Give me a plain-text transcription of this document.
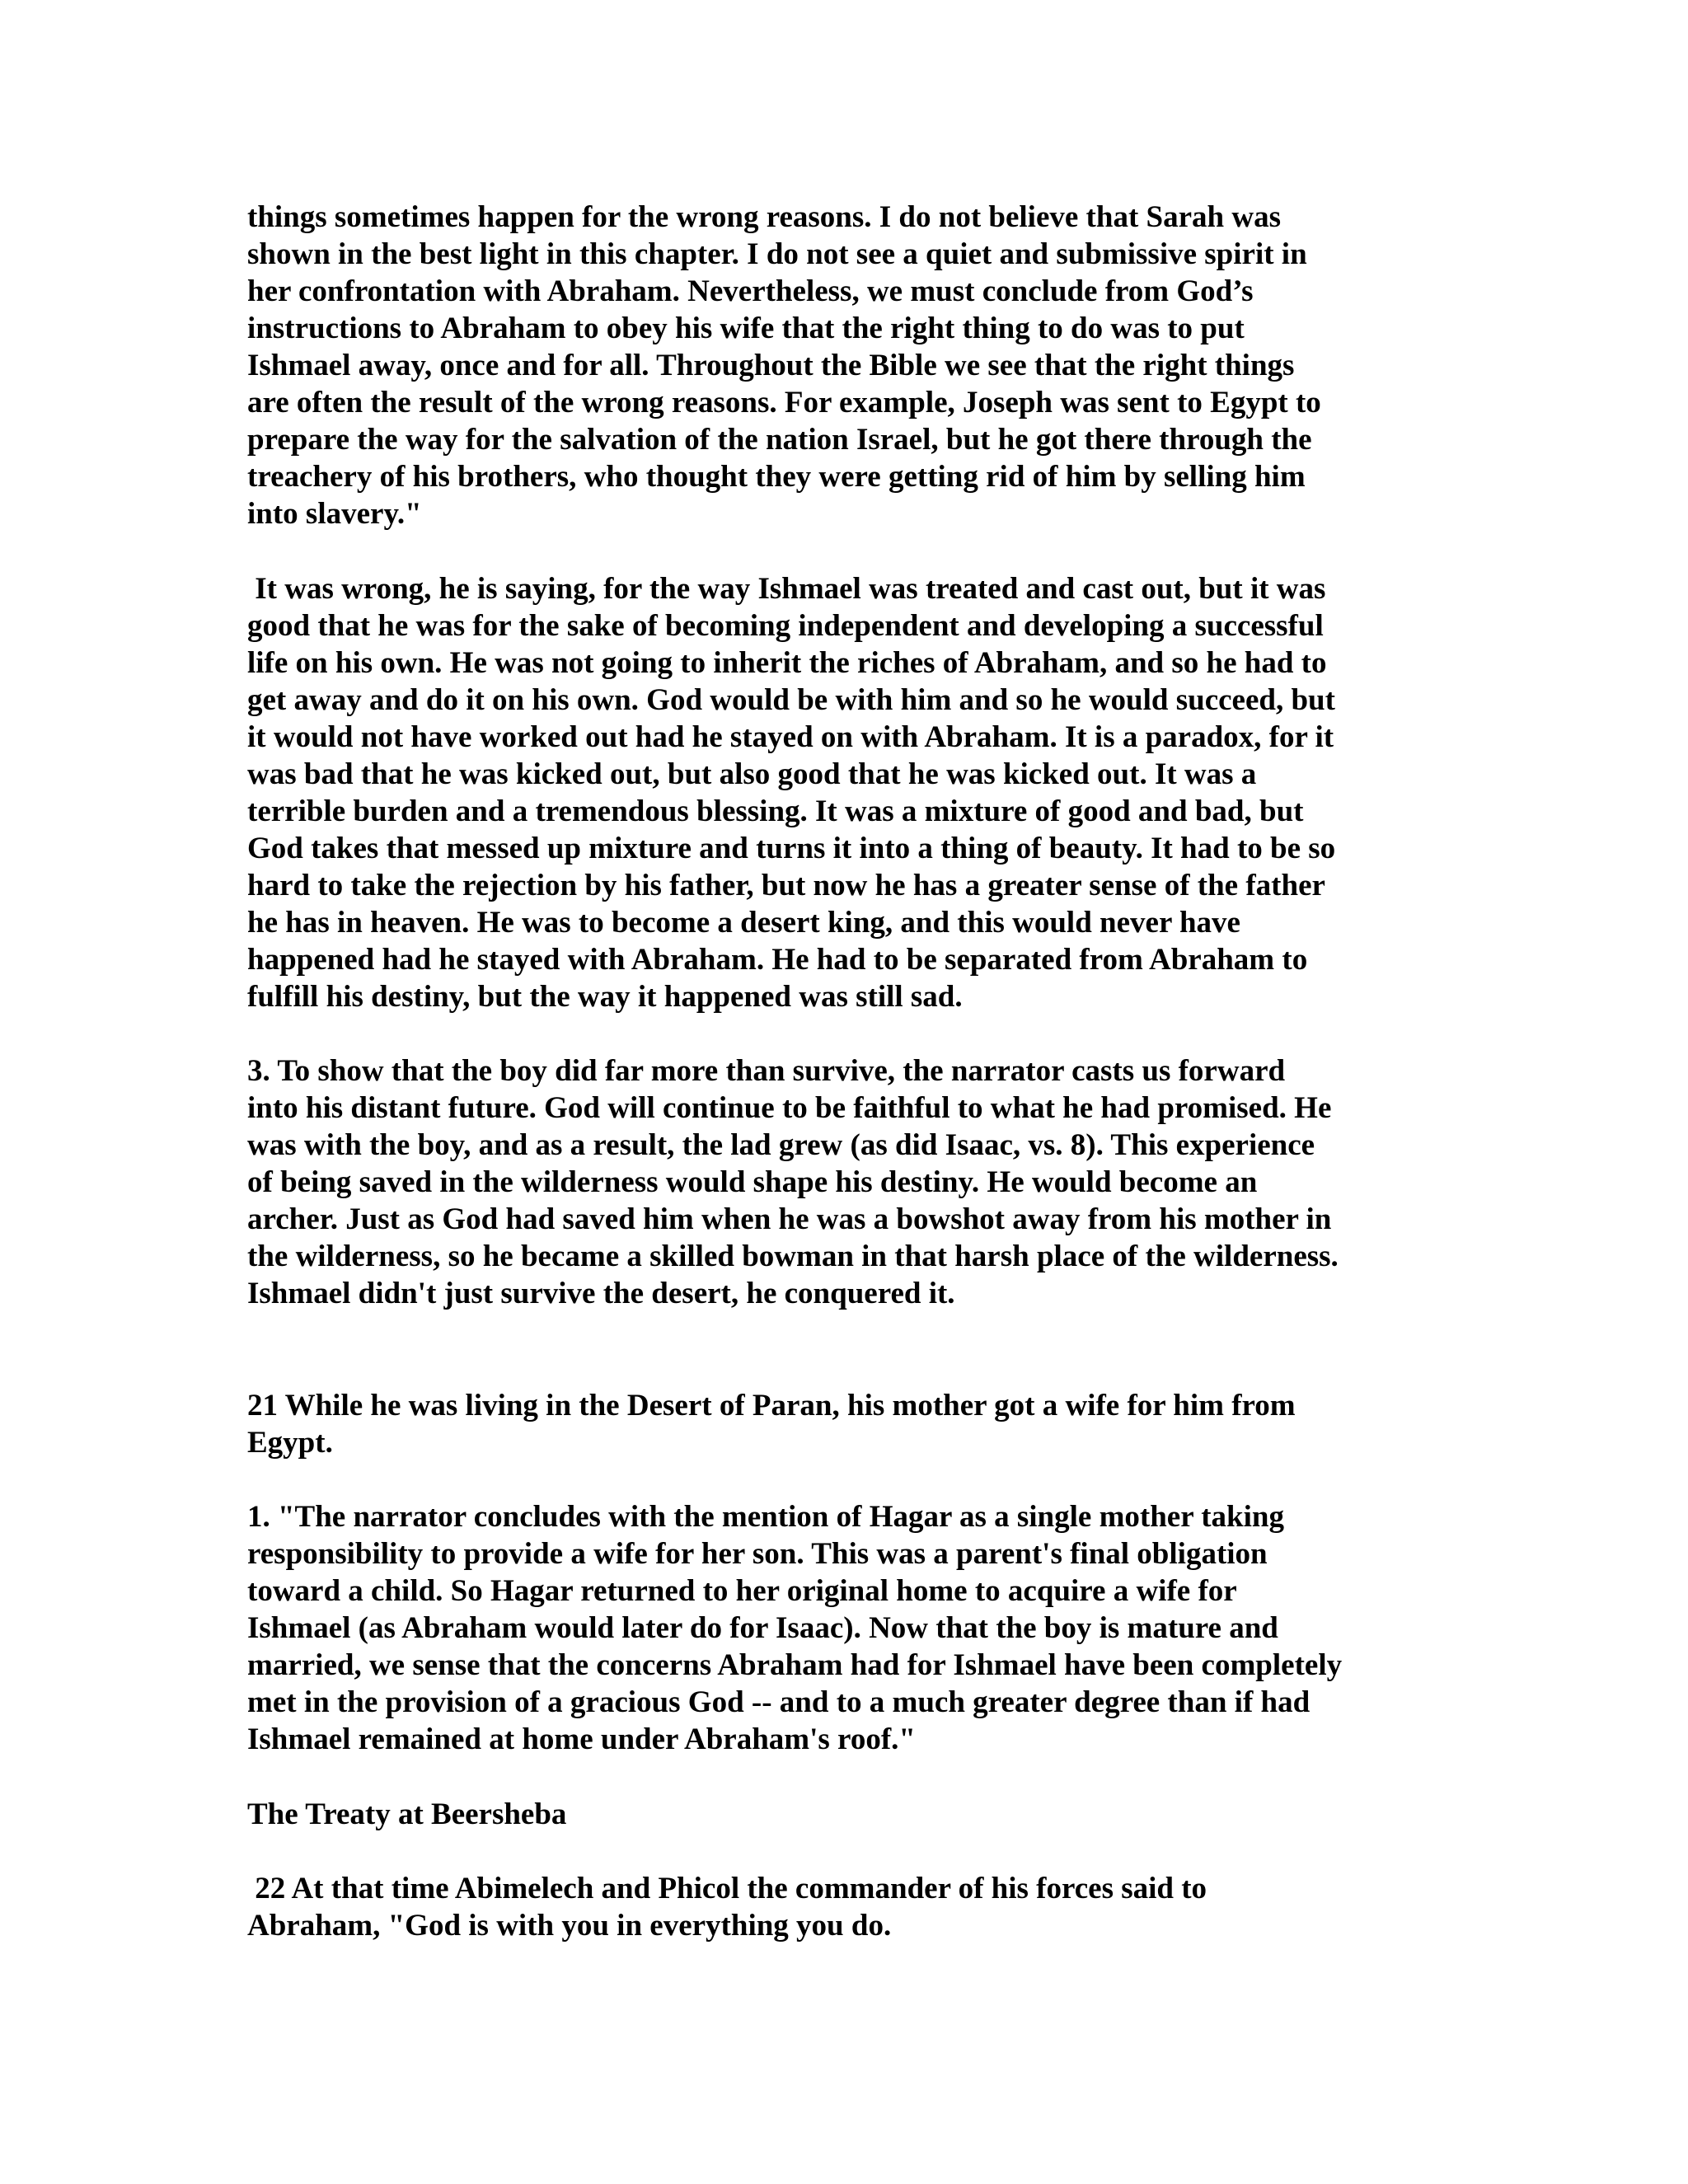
things sometimes happen for the wrong reasons. I do not believe that Sarah was
shown in the best light in this chapter. I do not see a quiet and submissive spirit in
her confrontation with Abraham. Nevertheless, we must conclude from God’s
instructions to Abraham to obey his wife that the right thing to do was to put
Ishmael away, once and for all. Throughout the Bible we see that the right things
are often the result of the wrong reasons. For example, Joseph was sent to Egypt to
prepare the way for the salvation of the nation Israel, but he got there through the
treachery of his brothers, who thought they were getting rid of him by selling him
into slavery."

It was wrong, he is saying, for the way Ishmael was treated and cast out, but it was
good that he was for the sake of becoming independent and developing a successful
life on his own. He was not going to inherit the riches of Abraham, and so he had to
get away and do it on his own. God would be with him and so he would succeed, but
it would not have worked out had he stayed on with Abraham. It is a paradox, for it
was bad that he was kicked out, but also good that he was kicked out. It was a
terrible burden and a tremendous blessing. It was a mixture of good and bad, but
God takes that messed up mixture and turns it into a thing of beauty. It had to be so
hard to take the rejection by his father, but now he has a greater sense of the father
he has in heaven. He was to become a desert king, and this would never have
happened had he stayed with Abraham. He had to be separated from Abraham to
fulfill his destiny, but the way it happened was still sad.

3. To show that the boy did far more than survive, the narrator casts us forward
into his distant future. God will continue to be faithful to what he had promised. He
was with the boy, and as a result, the lad grew (as did Isaac, vs. 8). This experience
of being saved in the wilderness would shape his destiny. He would become an
archer. Just as God had saved him when he was a bowshot away from his mother in
the wilderness, so he became a skilled bowman in that harsh place of the wilderness.
Ishmael didn't just survive the desert, he conquered it.

21 While he was living in the Desert of Paran, his mother got a wife for him from
Egypt.

1. "The narrator concludes with the mention of Hagar as a single mother taking
responsibility to provide a wife for her son. This was a parent's final obligation
toward a child. So Hagar returned to her original home to acquire a wife for
Ishmael (as Abraham would later do for Isaac). Now that the boy is mature and
married, we sense that the concerns Abraham had for Ishmael have been completely
met in the provision of a gracious God -- and to a much greater degree than if had
Ishmael remained at home under Abraham's roof."

The Treaty at Beersheba

22 At that time Abimelech and Phicol the commander of his forces said to
Abraham, "God is with you in everything you do.
